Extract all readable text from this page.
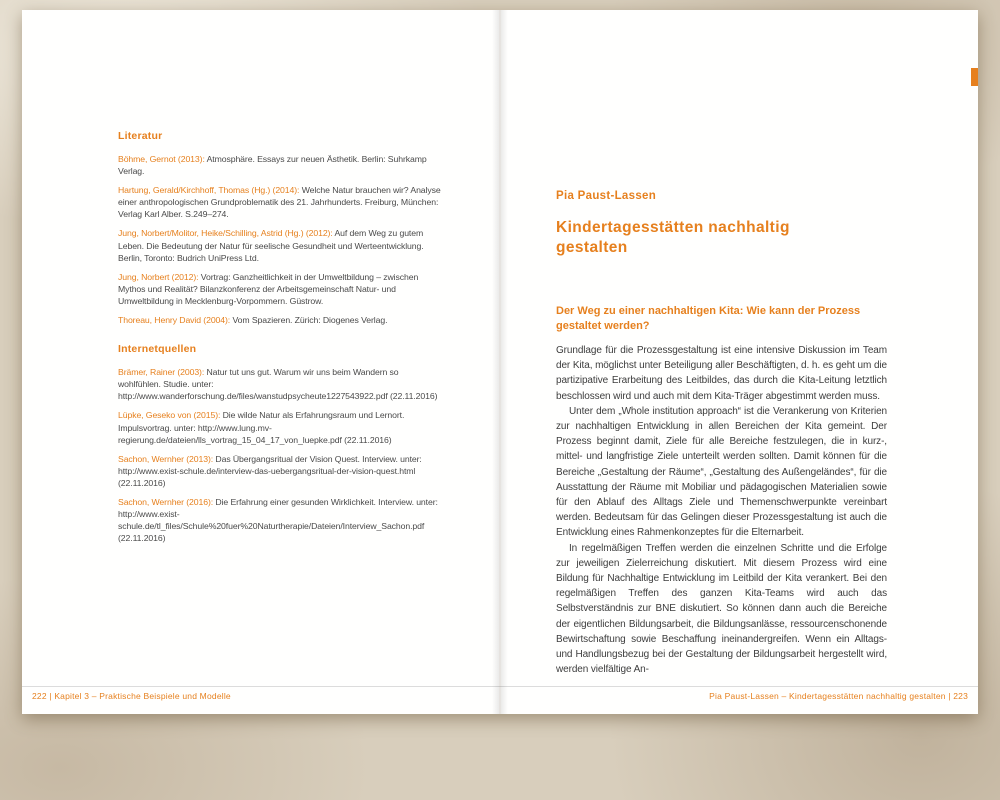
Literatur

Böhme, Gernot (2013): Atmosphäre. Essays zur neuen Ästhetik. Berlin: Suhrkamp Verlag.

Hartung, Gerald/Kirchhoff, Thomas (Hg.) (2014): Welche Natur brauchen wir? Analyse einer anthropologischen Grundproblematik des 21. Jahrhunderts. Freiburg, München: Verlag Karl Alber. S.249–274.

Jung, Norbert/Molitor, Heike/Schilling, Astrid (Hg.) (2012): Auf dem Weg zu gutem Leben. Die Bedeutung der Natur für seelische Gesundheit und Werteentwicklung. Berlin, Toronto: Budrich UniPress Ltd.

Jung, Norbert (2012): Vortrag: Ganzheitlichkeit in der Umweltbildung – zwischen Mythos und Realität? Bilanzkonferenz der Arbeitsgemeinschaft Natur- und Umweltbildung in Mecklenburg-Vorpommern. Güstrow.

Thoreau, Henry David (2004): Vom Spazieren. Zürich: Diogenes Verlag.

Internetquellen

Brämer, Rainer (2003): Natur tut uns gut. Warum wir uns beim Wandern so wohlfühlen. Studie. unter: http://www.wanderforschung.de/files/wanstudpsycheute1227543922.pdf (22.11.2016)

Lüpke, Geseko von (2015): Die wilde Natur als Erfahrungsraum und Lernort. Impulsvortrag. unter: http://www.lung.mv-regierung.de/dateien/lls_vortrag_15_04_17_von_luepke.pdf (22.11.2016)

Sachon, Wernher (2013): Das Übergangsritual der Vision Quest. Interview. unter: http://www.exist-schule.de/interview-das-uebergangsritual-der-vision-quest.html (22.11.2016)

Sachon, Wernher (2016): Die Erfahrung einer gesunden Wirklichkeit. Interview. unter: http://www.exist-schule.de/tl_files/Schule%20fuer%20Naturtherapie/Dateien/Interview_Sachon.pdf (22.11.2016)

222 | Kapitel 3 – Praktische Beispiele und Modelle
Pia Paust-Lassen
Kindertagesstätten nachhaltig gestalten
Der Weg zu einer nachhaltigen Kita: Wie kann der Prozess gestaltet werden?

Grundlage für die Prozessgestaltung ist eine intensive Diskussion im Team der Kita, möglichst unter Beteiligung aller Beschäftigten, d. h. es geht um die partizipative Erarbeitung des Leitbildes, das durch die Kita-Leitung letztlich beschlossen wird und auch mit dem Kita-Träger abgestimmt werden muss.

Unter dem „Whole institution approach“ ist die Verankerung von Kriterien zur nachhaltigen Entwicklung in allen Bereichen der Kita gemeint. Der Prozess beginnt damit, Ziele für alle Bereiche festzulegen, die in kurz-, mittel- und langfristige Ziele unterteilt werden sollten. Damit können für die Bereiche „Gestaltung der Räume“, „Gestaltung des Außengeländes“, für die Ausstattung der Räume mit Mobiliar und pädagogischen Materialien sowie für den Ablauf des Alltags Ziele und Themenschwerpunkte vereinbart werden. Bedeutsam für das Gelingen dieser Prozessgestaltung ist auch die Entwicklung eines Rahmenkonzeptes für die Elternarbeit.

In regelmäßigen Treffen werden die einzelnen Schritte und die Erfolge zur jeweiligen Zielerreichung diskutiert. Mit diesem Prozess wird eine Bildung für Nachhaltige Entwicklung im Leitbild der Kita verankert. Bei den regelmäßigen Treffen des ganzen Kita-Teams wird auch das Selbstverständnis zur BNE diskutiert. So können dann auch die Bereiche der eigentlichen Bildungsarbeit, die Bildungsanlässe, ressourcenschonende Bewirtschaftung sowie Beschaffung ineinandergreifen. Wenn ein Alltags- und Handlungsbezug bei der Gestaltung der Bildungsarbeit hergestellt wird, werden vielfältige An-

Pia Paust-Lassen – Kindertagesstätten nachhaltig gestalten | 223
